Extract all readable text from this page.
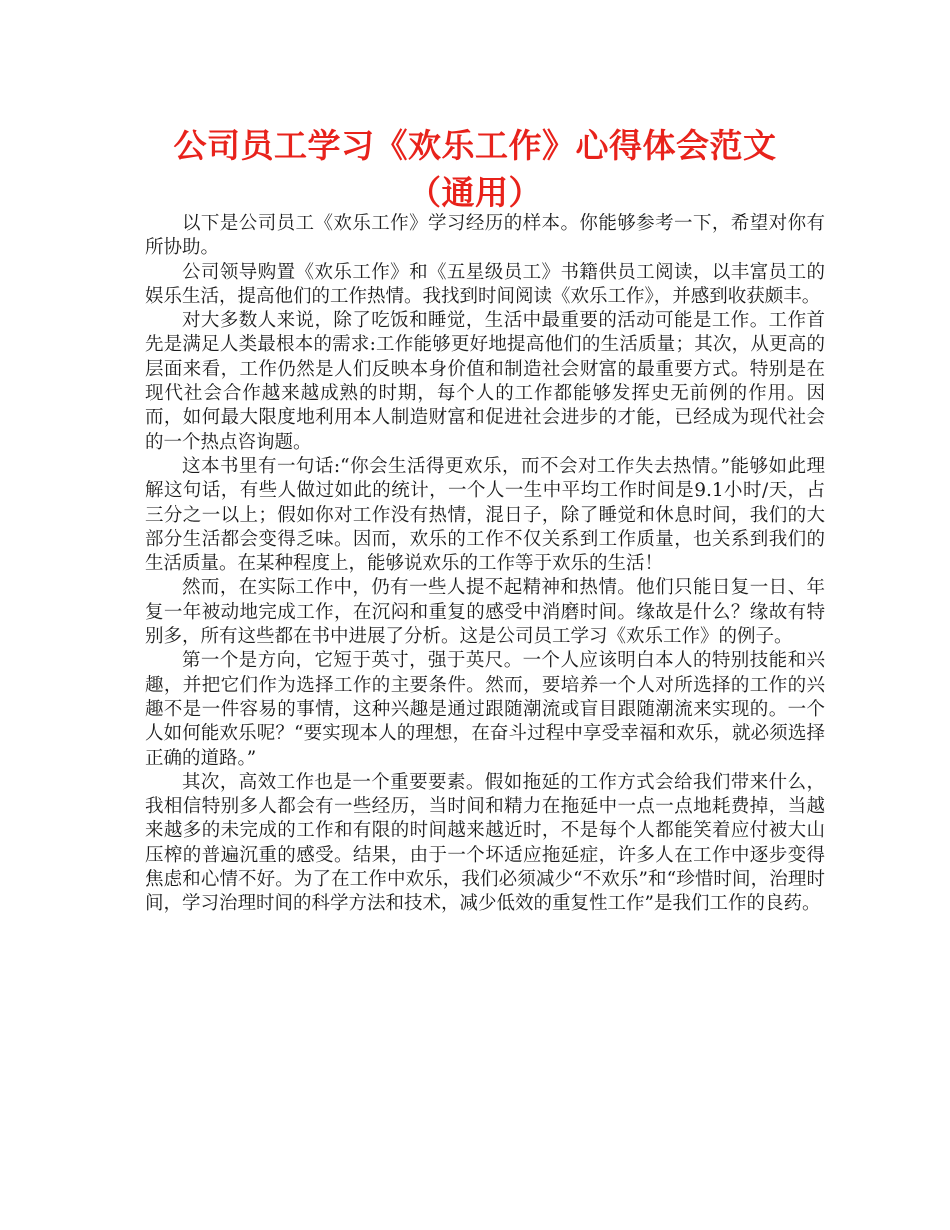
公司员工学习《欢乐工作》心得体会范文（通用）

以下是公司员工《欢乐工作》学习经历的样本。你能够参考一下，希望对你有所协助。

公司领导购置《欢乐工作》和《五星级员工》书籍供员工阅读，以丰富员工的娱乐生活，提高他们的工作热情。我找到时间阅读《欢乐工作》，并感到收获颇丰。

对大多数人来说，除了吃饭和睡觉，生活中最重要的活动可能是工作。工作首先是满足人类最根本的需求:工作能够更好地提高他们的生活质量；其次，从更高的层面来看，工作仍然是人们反映本身价值和制造社会财富的最重要方式。特别是在现代社会合作越来越成熟的时期，每个人的工作都能够发挥史无前例的作用。因而，如何最大限度地利用本人制造财富和促进社会进步的才能，已经成为现代社会的一个热点咨询题。

这本书里有一句话:“你会生活得更欢乐，而不会对工作失去热情。”能够如此理解这句话，有些人做过如此的统计，一个人一生中平均工作时间是9.1小时/天，占三分之一以上；假如你对工作没有热情，混日子，除了睡觉和休息时间，我们的大部分生活都会变得乏味。因而，欢乐的工作不仅关系到工作质量，也关系到我们的生活质量。在某种程度上，能够说欢乐的工作等于欢乐的生活！

然而，在实际工作中，仍有一些人提不起精神和热情。他们只能日复一日、年复一年被动地完成工作，在沉闷和重复的感受中消磨时间。缘故是什么？缘故有特别多，所有这些都在书中进展了分析。这是公司员工学习《欢乐工作》的例子。

第一个是方向，它短于英寸，强于英尺。一个人应该明白本人的特别技能和兴趣，并把它们作为选择工作的主要条件。然而，要培养一个人对所选择的工作的兴趣不是一件容易的事情，这种兴趣是通过跟随潮流或盲目跟随潮流来实现的。一个人如何能欢乐呢？“要实现本人的理想，在奋斗过程中享受幸福和欢乐，就必须选择正确的道路。”

其次，高效工作也是一个重要要素。假如拖延的工作方式会给我们带来什么，我相信特别多人都会有一些经历，当时间和精力在拖延中一点一点地耗费掉，当越来越多的未完成的工作和有限的时间越来越近时，不是每个人都能笑着应付被大山压榨的普遍沉重的感受。结果，由于一个坏适应拖延症，许多人在工作中逐步变得焦虑和心情不好。为了在工作中欢乐，我们必须减少“不欢乐”和“珍惜时间，治理时间，学习治理时间的科学方法和技术，减少低效的重复性工作”是我们工作的良药。
